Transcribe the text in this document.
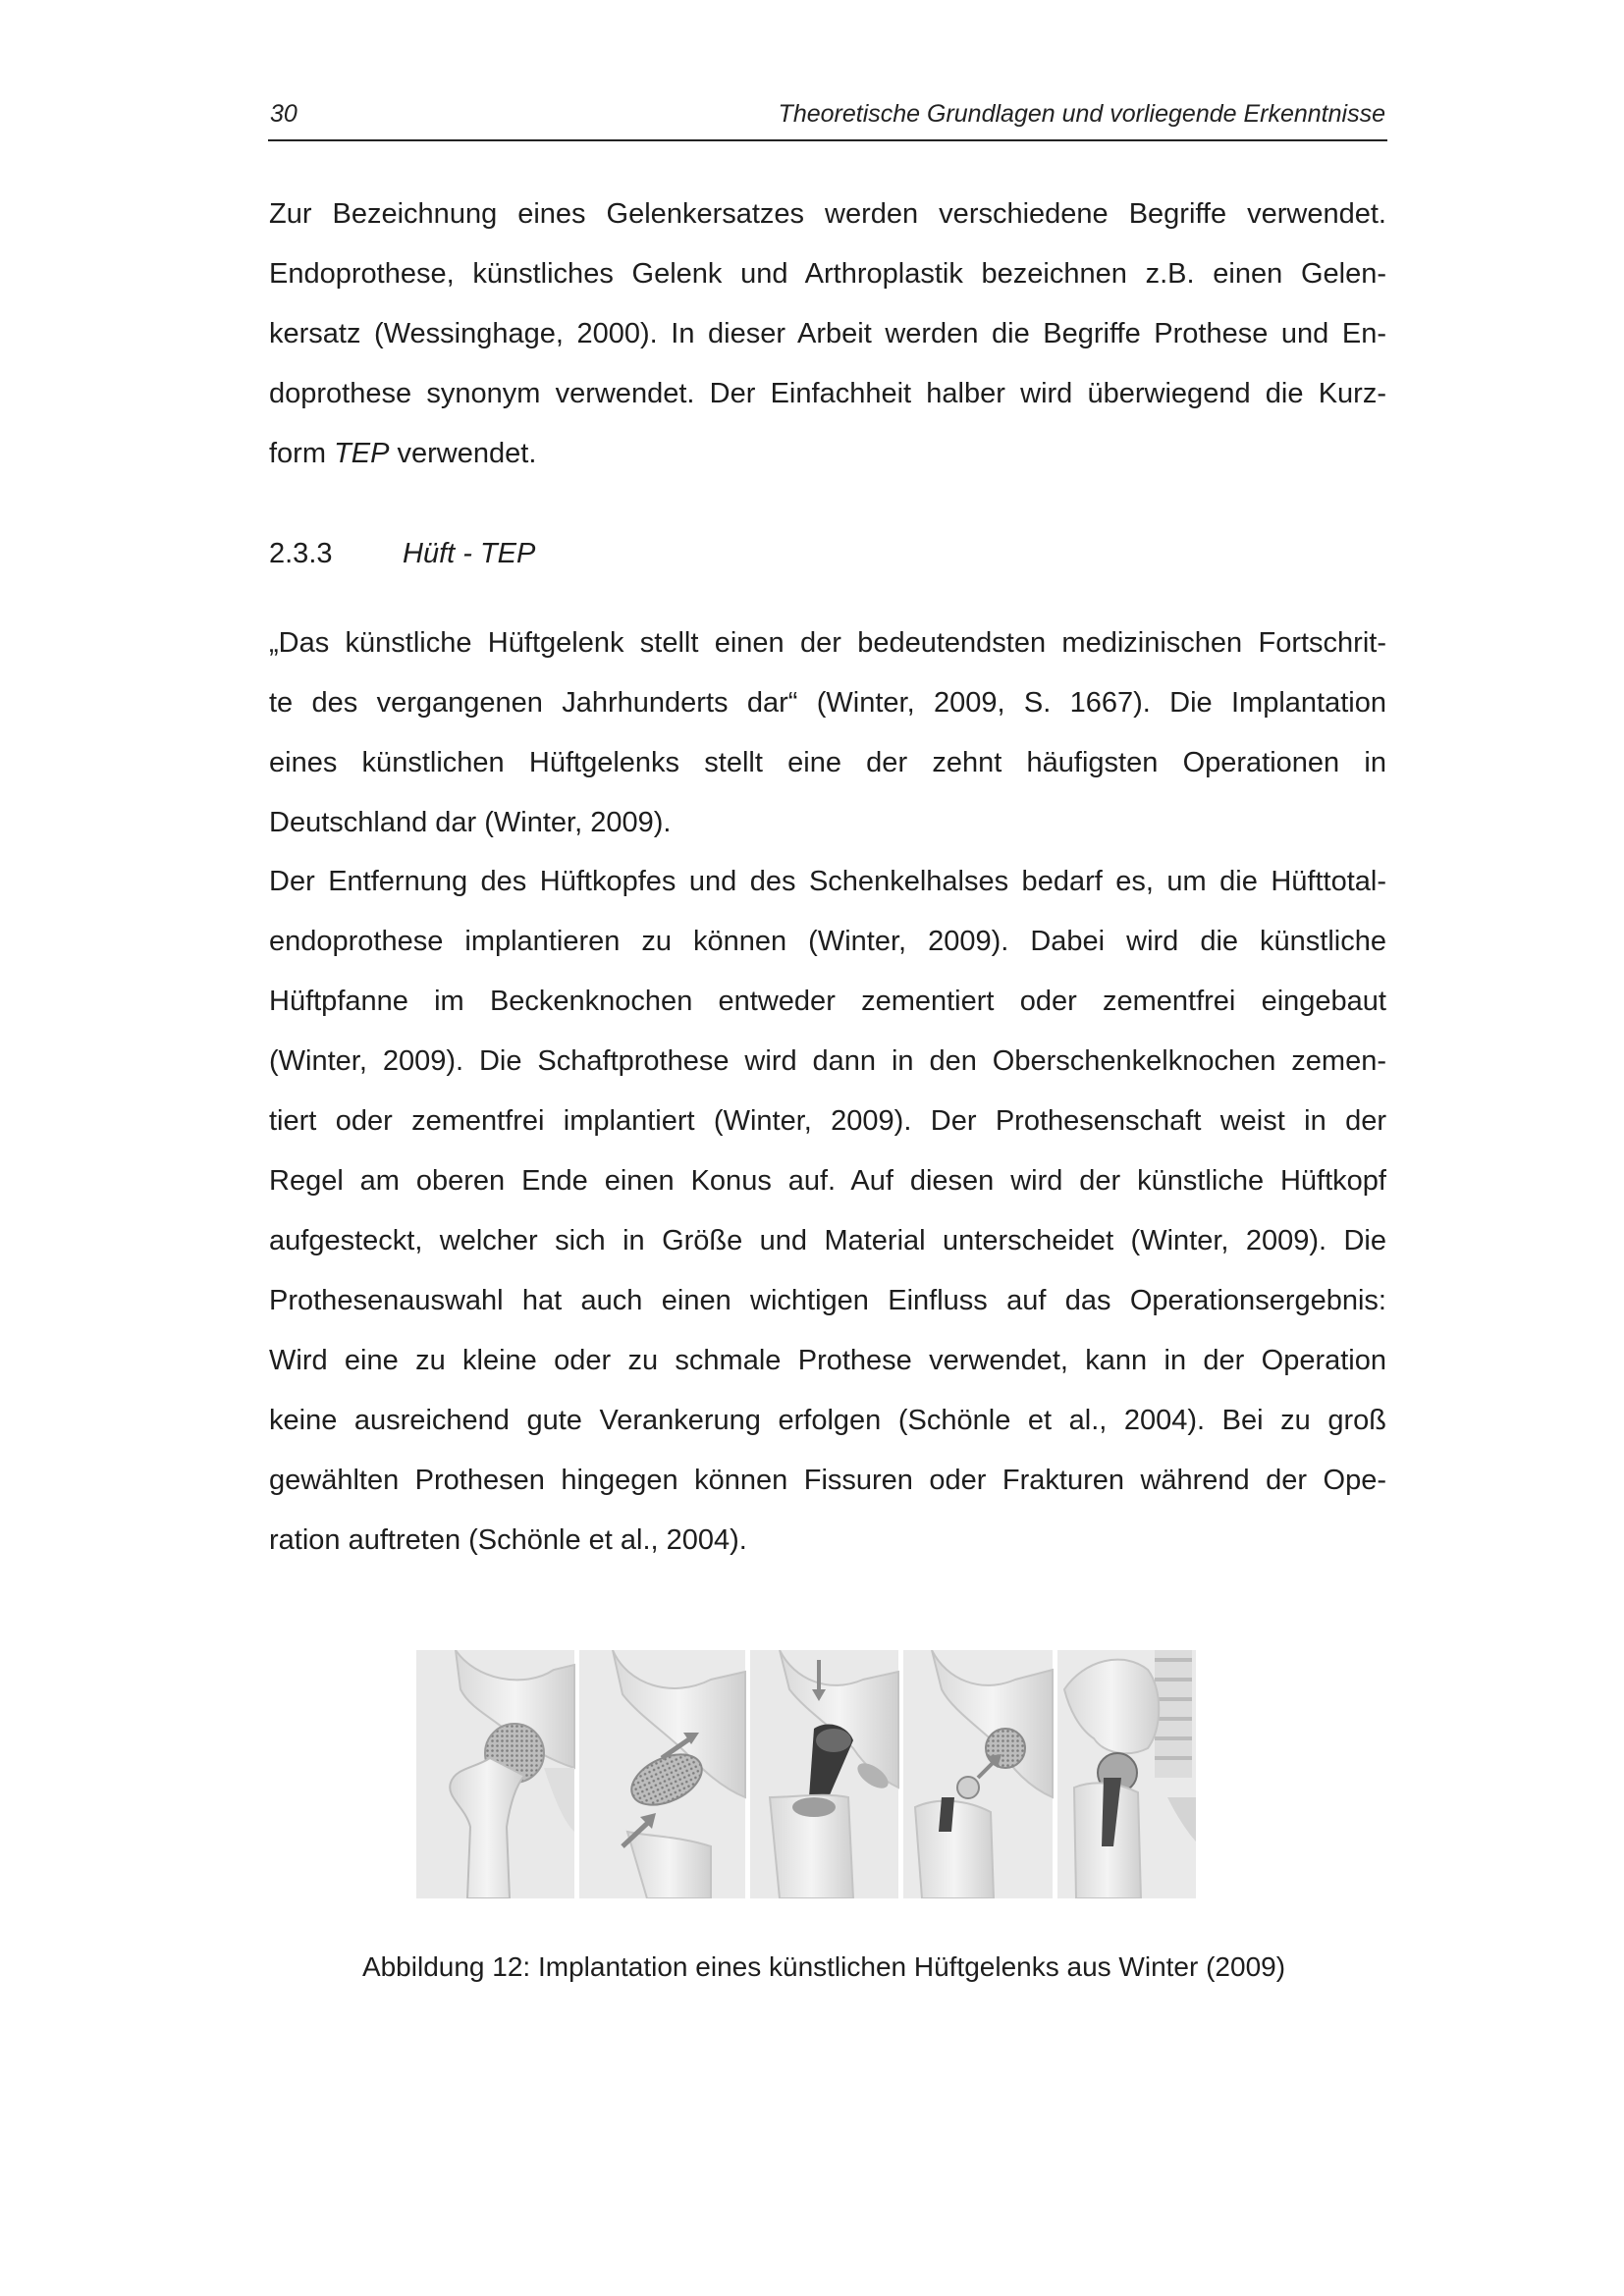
30	Theoretische Grundlagen und vorliegende Erkenntnisse
Zur Bezeichnung eines Gelenkersatzes werden verschiedene Begriffe verwendet.
Endoprothese, künstliches Gelenk und Arthroplastik bezeichnen z.B. einen Gelen-
kersatz (Wessinghage, 2000). In dieser Arbeit werden die Begriffe Prothese und En-
doprothese synonym verwendet. Der Einfachheit halber wird überwiegend die Kurz-
form TEP verwendet.
2.3.3 Hüft - TEP
„Das künstliche Hüftgelenk stellt einen der bedeutendsten medizinischen Fortschrit-
te des vergangenen Jahrhunderts dar“ (Winter, 2009, S. 1667). Die Implantation
eines künstlichen Hüftgelenks stellt eine der zehnt häufigsten Operationen in
Deutschland dar (Winter, 2009).
Der Entfernung des Hüftkopfes und des Schenkelhalses bedarf es, um die Hüfttotal-
endoprothese implantieren zu können (Winter, 2009). Dabei wird die künstliche
Hüftpfanne im Beckenknochen entweder zementiert oder zementfrei eingebaut
(Winter, 2009). Die Schaftprothese wird dann in den Oberschenkelknochen zemen-
tiert oder zementfrei implantiert (Winter, 2009). Der Prothesenschaft weist in der
Regel am oberen Ende einen Konus auf. Auf diesen wird der künstliche Hüftkopf
aufgesteckt, welcher sich in Größe und Material unterscheidet (Winter, 2009). Die
Prothesenauswahl hat auch einen wichtigen Einfluss auf das Operationsergebnis:
Wird eine zu kleine oder zu schmale Prothese verwendet, kann in der Operation
keine ausreichend gute Verankerung erfolgen (Schönle et al., 2004). Bei zu groß
gewählten Prothesen hingegen können Fissuren oder Frakturen während der Ope-
ration auftreten (Schönle et al., 2004).
Abbildung 12: Implantation eines künstlichen Hüftgelenks aus Winter (2009)
